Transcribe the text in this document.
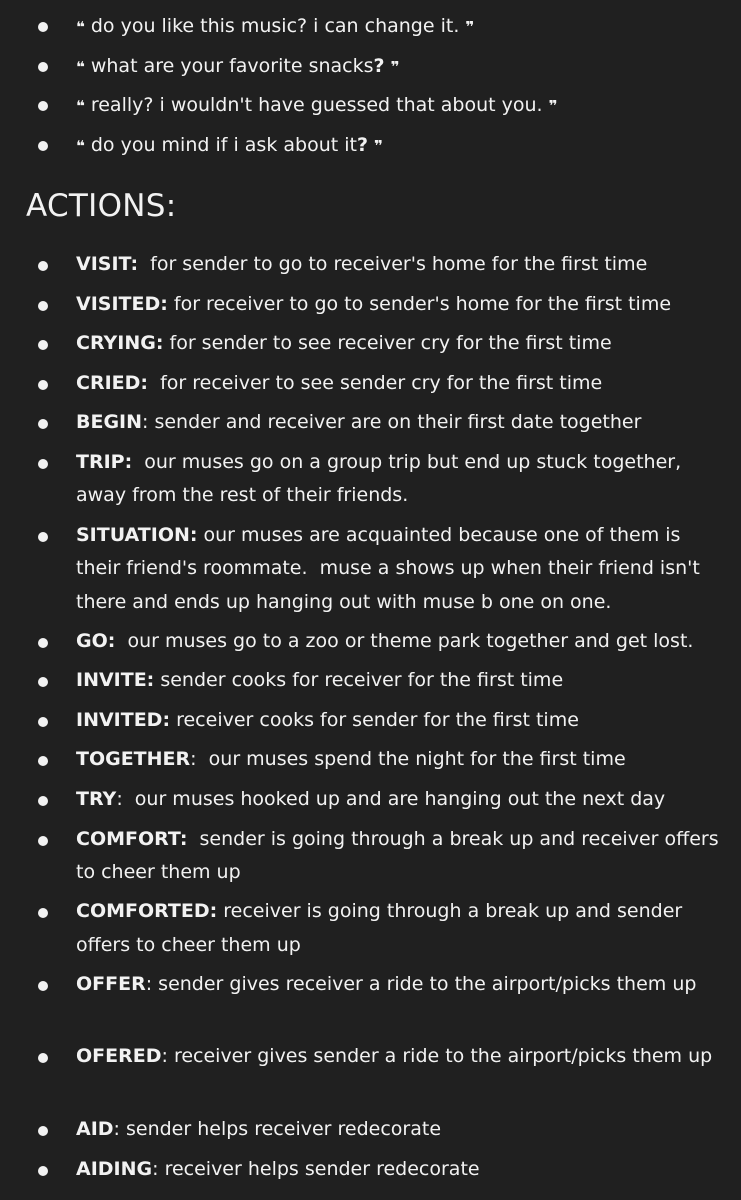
❝ do you like this music? i can change it. ❞
❝ what are your favorite snacks? ❞
❝ really? i wouldn't have guessed that about you. ❞
❝ do you mind if i ask about it? ❞
ACTIONS:
VISIT:  for sender to go to receiver's home for the first time
VISITED: for receiver to go to sender's home for the first time
CRYING: for sender to see receiver cry for the first time
CRIED:  for receiver to see sender cry for the first time
BEGIN: sender and receiver are on their first date together
TRIP:  our muses go on a group trip but end up stuck together, away from the rest of their friends.
SITUATION: our muses are acquainted because one of them is their friend's roommate.  muse a shows up when their friend isn't there and ends up hanging out with muse b one on one.
GO:  our muses go to a zoo or theme park together and get lost.
INVITE: sender cooks for receiver for the first time
INVITED: receiver cooks for sender for the first time
TOGETHER:  our muses spend the night for the first time
TRY:  our muses hooked up and are hanging out the next day
COMFORT:  sender is going through a break up and receiver offers to cheer them up
COMFORTED: receiver is going through a break up and sender offers to cheer them up
OFFER: sender gives receiver a ride to the airport/picks them up
OFERED: receiver gives sender a ride to the airport/picks them up
AID: sender helps receiver redecorate
AIDING: receiver helps sender redecorate
